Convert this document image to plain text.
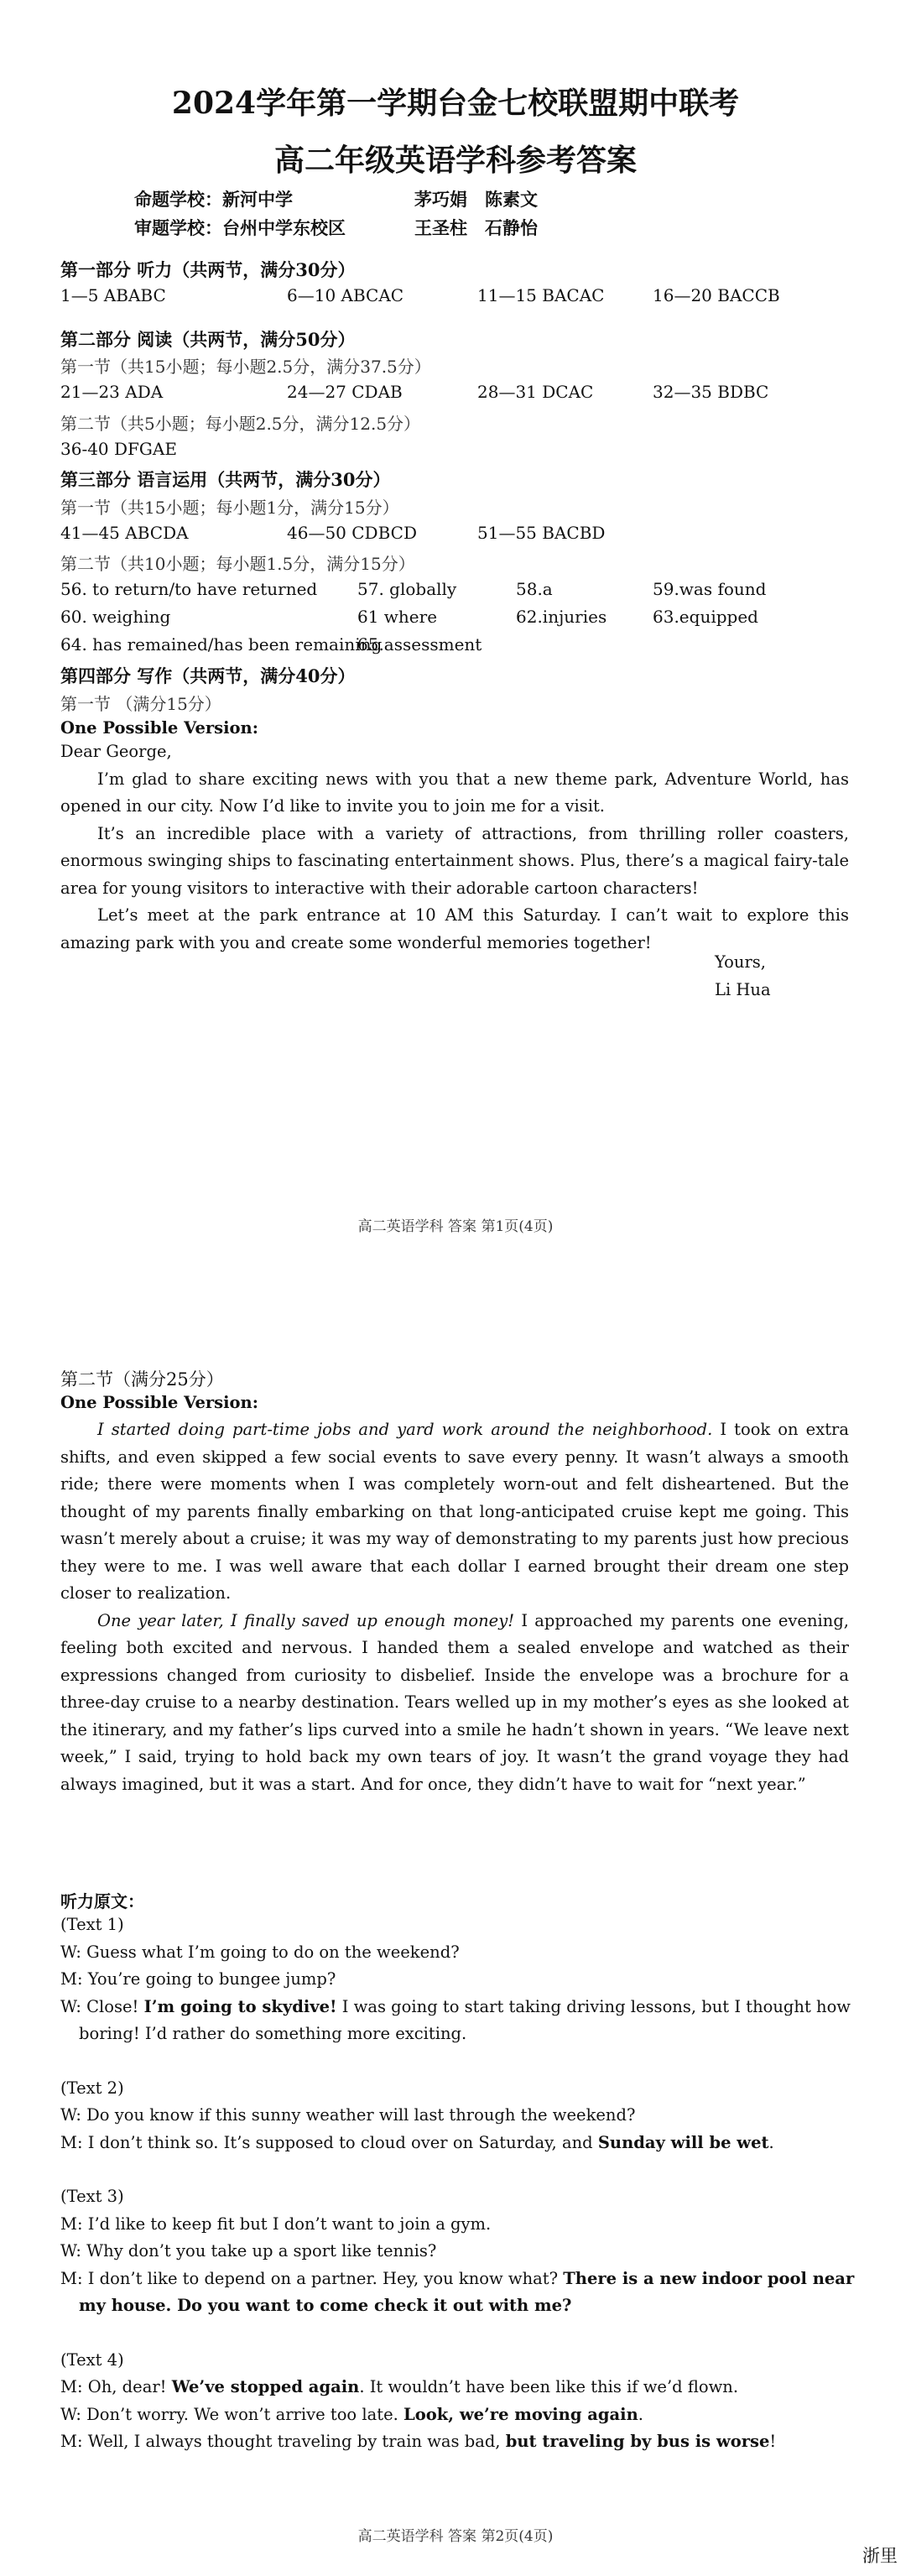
2024学年第一学期台金七校联盟期中联考
高二年级英语学科参考答案
命题学校：新河中学	茅巧娟　陈素文
审题学校：台州中学东校区	王圣柱　石静怡
第一部分 听力（共两节，满分30分）
1—5 ABABC	6—10 ABCAC	11—15 BACAC	16—20 BACCB
第二部分 阅读（共两节，满分50分）
第一节（共15小题；每小题2.5分，满分37.5分）
21—23 ADA	24—27 CDAB	28—31 DCAC	32—35 BDBC
第二节（共5小题；每小题2.5分，满分12.5分）
36-40 DFGAE
第三部分 语言运用（共两节，满分30分）
第一节（共15小题；每小题1分，满分15分）
41—45 ABCDA	46—50 CDBCD	51—55 BACBD
第二节（共10小题；每小题1.5分，满分15分）
56. to return/to have returned 57. globally	58.a	59.was found
60. weighing	61 where	62.injuries	63.equipped
64. has remained/has been remaining
65.assessment
第四部分 写作（共两节，满分40分）
第一节 （满分15分）
One Possible Version:
Dear George,

I’m glad to share exciting news with you that a new theme park, Adventure World, has opened in our city. Now I’d like to invite you to join me for a visit.

It’s an incredible place with a variety of attractions, from thrilling roller coasters, enormous swinging ships to fascinating entertainment shows. Plus, there’s a magical fairy-tale area for young visitors to interactive with their adorable cartoon characters!

Let’s meet at the park entrance at 10 AM this Saturday. I can’t wait to explore this amazing park with you and create some wonderful memories together!

Yours,
Li Hua
高二英语学科 答案 第1页(4页)
第二节（满分25分）
One Possible Version:

I started doing part-time jobs and yard work around the neighborhood. I took on extra shifts, and even skipped a few social events to save every penny. It wasn’t always a smooth ride; there were moments when I was completely worn-out and felt disheartened. But the thought of my parents finally embarking on that long-anticipated cruise kept me going. This wasn’t merely about a cruise; it was my way of demonstrating to my parents just how precious they were to me. I was well aware that each dollar I earned brought their dream one step closer to realization.

One year later, I finally saved up enough money! I approached my parents one evening, feeling both excited and nervous. I handed them a sealed envelope and watched as their expressions changed from curiosity to disbelief. Inside the envelope was a brochure for a three-day cruise to a nearby destination. Tears welled up in my mother’s eyes as she looked at the itinerary, and my father’s lips curved into a smile he hadn’t shown in years. “We leave next week,” I said, trying to hold back my own tears of joy. It wasn’t the grand voyage they had always imagined, but it was a start. And for once, they didn’t have to wait for “next year.”

听力原文：
(Text 1)
W: Guess what I’m going to do on the weekend?
M: You’re going to bungee jump?
W: Close! I’m going to skydive! I was going to start taking driving lessons, but I thought how boring! I’d rather do something more exciting.
(Text 2)
W: Do you know if this sunny weather will last through the weekend?
M: I don’t think so. It’s supposed to cloud over on Saturday, and Sunday will be wet.
(Text 3)
M: I’d like to keep fit but I don’t want to join a gym.
W: Why don’t you take up a sport like tennis?
M: I don’t like to depend on a partner. Hey, you know what? There is a new indoor pool near my house. Do you want to come check it out with me?
(Text 4)
M: Oh, dear! We’ve stopped again. It wouldn’t have been like this if we’d flown.
W: Don’t worry. We won’t arrive too late. Look, we’re moving again.
M: Well, I always thought traveling by train was bad, but traveling by bus is worse!
高二英语学科 答案 第2页(4页)
浙里
